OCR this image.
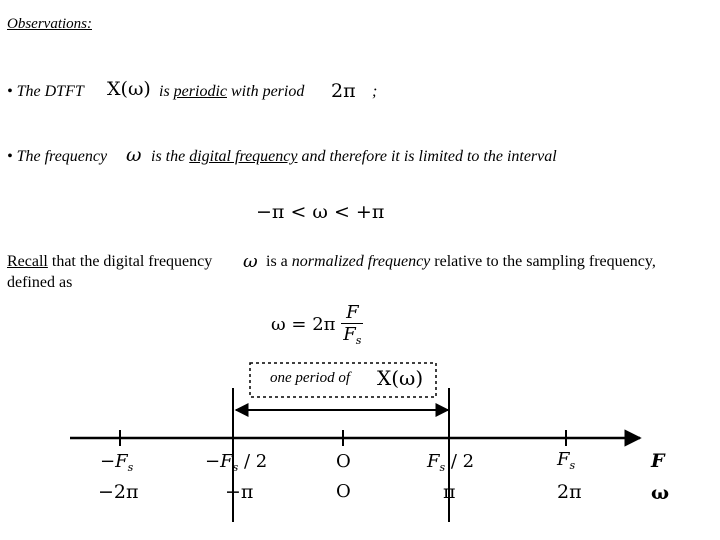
Observations:
• The DTFT X(ω) is periodic with period 2π ;
• The frequency ω is the digital frequency and therefore it is limited to the interval
−π < ω < +π
Recall that the digital frequency ω is a normalized frequency relative to the sampling frequency,
defined as
$\omega = 2\pi \frac{F}{F_s}$
one period of X(ω)
$-F_s$	$-F_s / 2$	O	$F_s / 2$	$F_s$	F
−2π	−π	O	π	2π	ω
